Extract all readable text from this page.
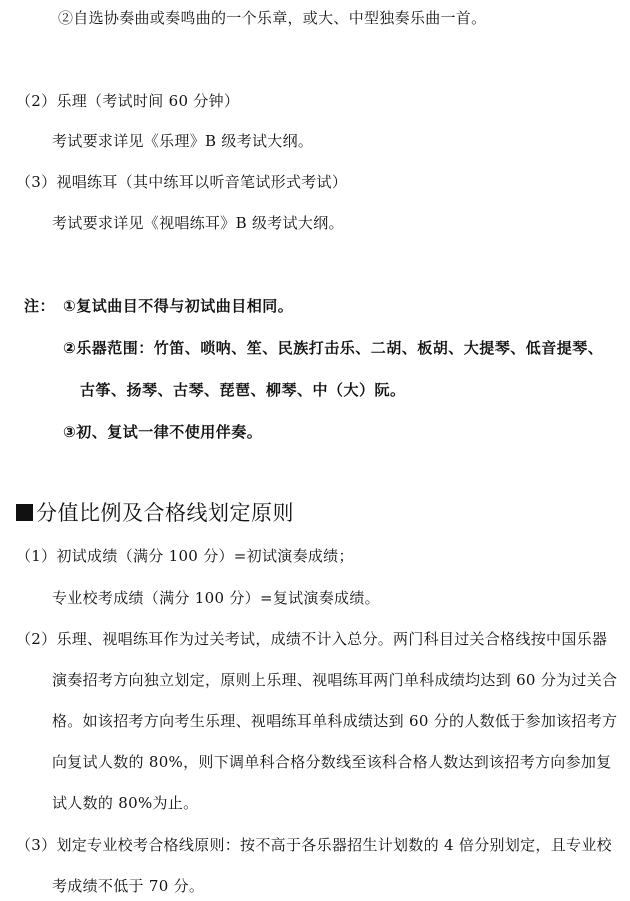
②自选协奏曲或奏鸣曲的一个乐章，或大、中型独奏乐曲一首。
（2）乐理（考试时间 60 分钟）
考试要求详见《乐理》B 级考试大纲。
（3）视唱练耳（其中练耳以听音笔试形式考试）
考试要求详见《视唱练耳》B 级考试大纲。
注： ①复试曲目不得与初试曲目相同。
②乐器范围：竹笛、唢呐、笙、民族打击乐、二胡、板胡、大提琴、低音提琴、
古筝、扬琴、古琴、琵琶、柳琴、中（大）阮。
③初、复试一律不使用伴奏。
分值比例及合格线划定原则
（1）初试成绩（满分 100 分）=初试演奏成绩；
专业校考成绩（满分 100 分）=复试演奏成绩。
（2）乐理、视唱练耳作为过关考试，成绩不计入总分。两门科目过关合格线按中国乐器
演奏招考方向独立划定，原则上乐理、视唱练耳两门单科成绩均达到 60 分为过关合
格。如该招考方向考生乐理、视唱练耳单科成绩达到 60 分的人数低于参加该招考方
向复试人数的 80%，则下调单科合格分数线至该科合格人数达到该招考方向参加复
试人数的 80%为止。
（3）划定专业校考合格线原则：按不高于各乐器招生计划数的 4 倍分别划定，且专业校
考成绩不低于 70 分。
